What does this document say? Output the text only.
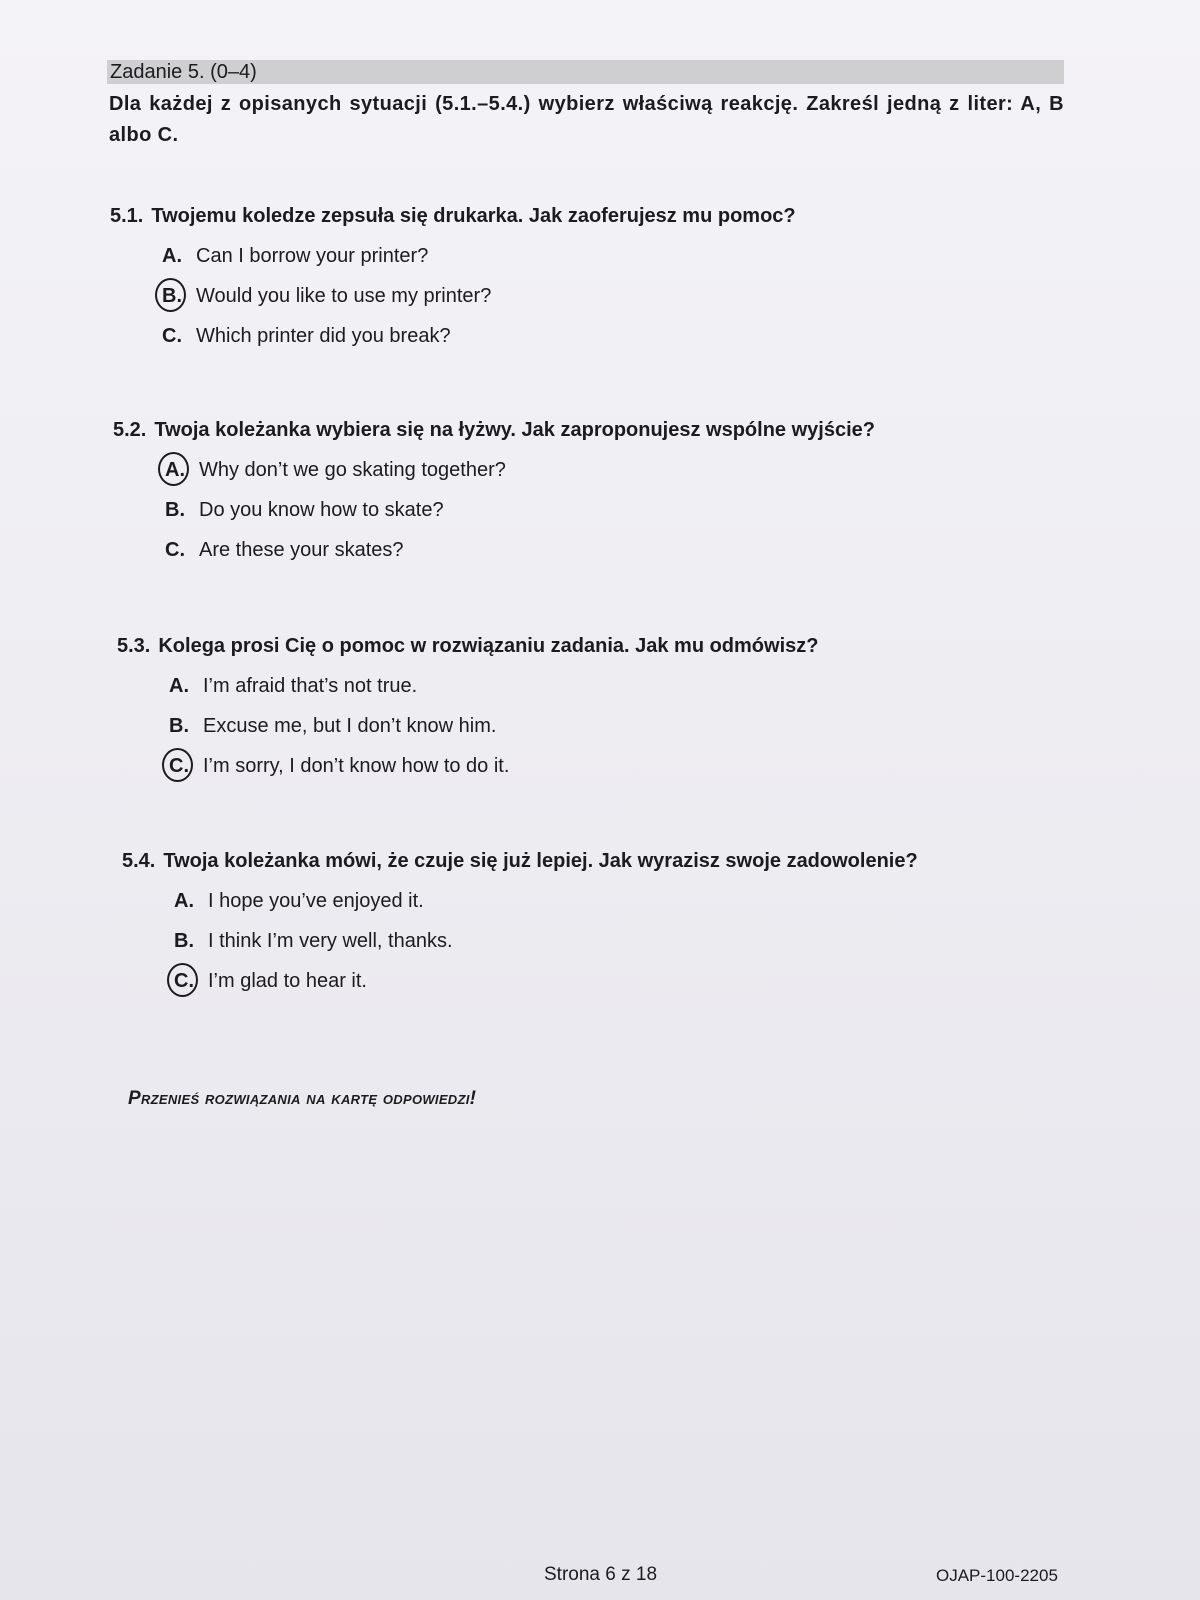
Zadanie 5. (0–4)
Dla każdej z opisanych sytuacji (5.1.–5.4.) wybierz właściwą reakcję. Zakreśl jedną z liter: A, B albo C.
5.1. Twojemu koledze zepsuła się drukarka. Jak zaoferujesz mu pomoc?
A. Can I borrow your printer?
B. Would you like to use my printer?
C. Which printer did you break?
5.2. Twoja koleżanka wybiera się na łyżwy. Jak zaproponujesz wspólne wyjście?
A. Why don’t we go skating together?
B. Do you know how to skate?
C. Are these your skates?
5.3. Kolega prosi Cię o pomoc w rozwiązaniu zadania. Jak mu odmówisz?
A. I’m afraid that’s not true.
B. Excuse me, but I don’t know him.
C. I’m sorry, I don’t know how to do it.
5.4. Twoja koleżanka mówi, że czuje się już lepiej. Jak wyrazisz swoje zadowolenie?
A. I hope you’ve enjoyed it.
B. I think I’m very well, thanks.
C. I’m glad to hear it.
Przenieś rozwiązania na kartę odpowiedzi!
Strona 6 z 18	OJAP-100-2205
